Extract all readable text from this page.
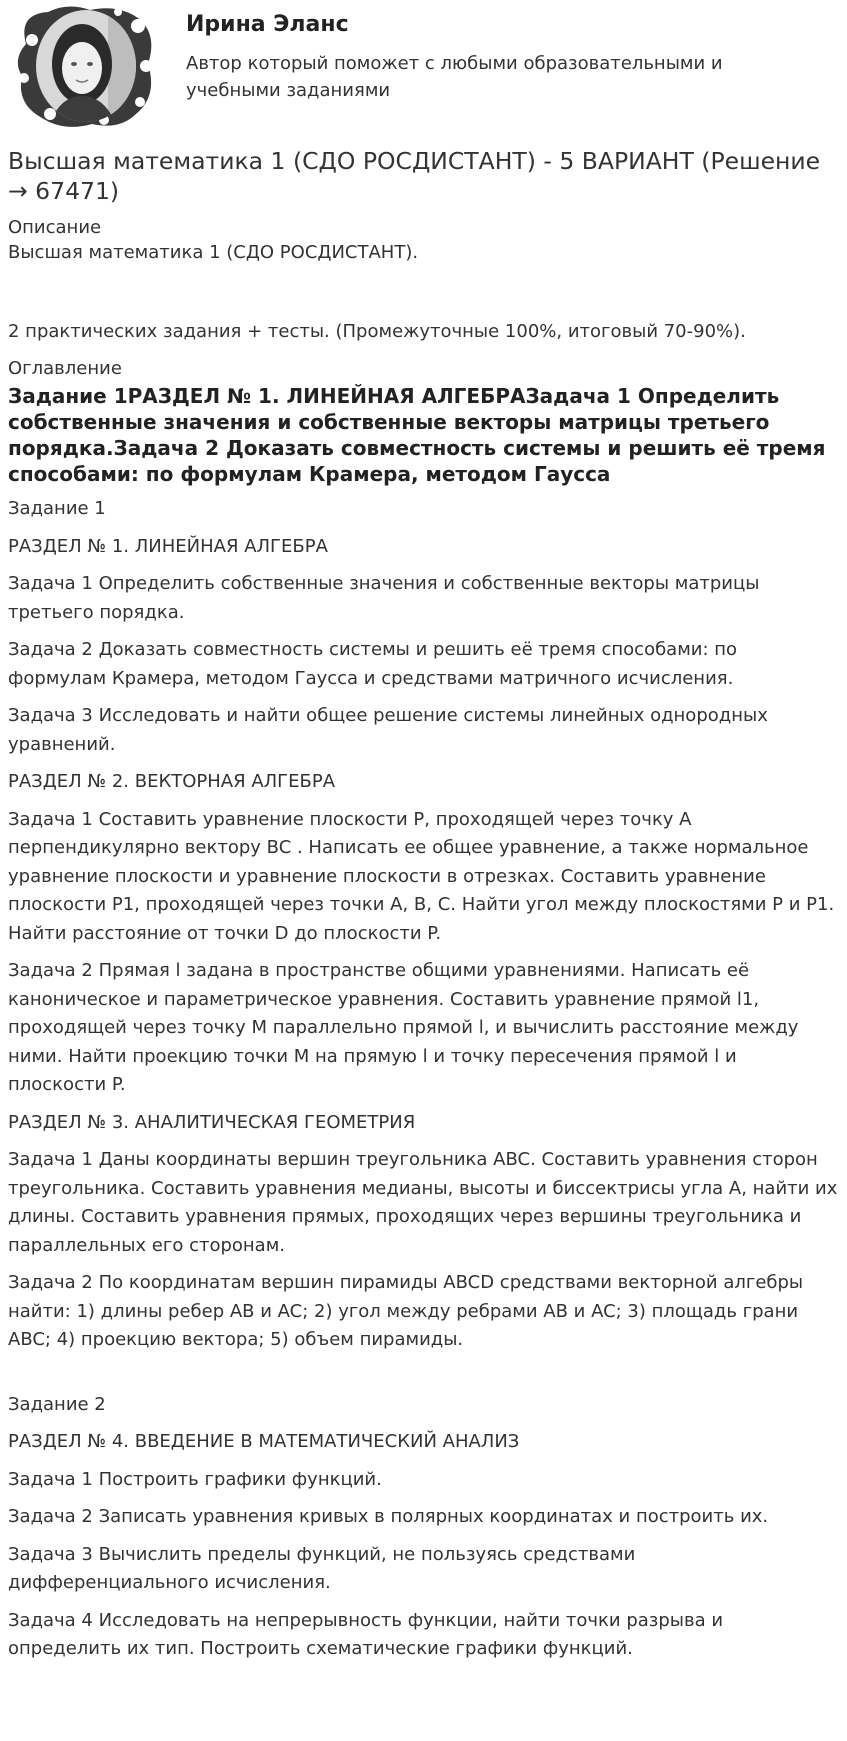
Ирина Эланс
Автор который поможет с любыми образовательными и учебными заданиями
Высшая математика 1 (СДО РОСДИСТАНТ) - 5 ВАРИАНТ (Решение → 67471)
Описание
Высшая математика 1 (СДО РОСДИСТАНТ).
2 практических задания + тесты. (Промежуточные 100%, итоговый 70-90%).
Оглавление
Задание 1РАЗДЕЛ № 1. ЛИНЕЙНАЯ АЛГЕБРАЗадача 1 Определить собственные значения и собственные векторы матрицы третьего порядка.Задача 2 Доказать совместность системы и решить её тремя способами: по формулам Крамера, методом Гаусса

Задание 1

РАЗДЕЛ № 1. ЛИНЕЙНАЯ АЛГЕБРА

Задача 1 Определить собственные значения и собственные векторы матрицы третьего порядка.

Задача 2 Доказать совместность системы и решить её тремя способами: по формулам Крамера, методом Гаусса и средствами матричного исчисления.

Задача 3 Исследовать и найти общее решение системы линейных однородных уравнений.

РАЗДЕЛ № 2. ВЕКТОРНАЯ АЛГЕБРА

Задача 1 Составить уравнение плоскости P, проходящей через точку A перпендикулярно вектору BC . Написать ее общее уравнение, а также нормальное уравнение плоскости и уравнение плоскости в отрезках. Составить уравнение плоскости P1, проходящей через точки A, B, C. Найти угол между плоскостями P и P1. Найти расстояние от точки D до плоскости P.

Задача 2 Прямая l задана в пространстве общими уравнениями. Написать её каноническое и параметрическое уравнения. Составить уравнение прямой l1, проходящей через точку M параллельно прямой l, и вычислить расстояние между ними. Найти проекцию точки M на прямую l и точку пересечения прямой l и плоскости P.

РАЗДЕЛ № 3. АНАЛИТИЧЕСКАЯ ГЕОМЕТРИЯ

Задача 1 Даны координаты вершин треугольника ABC. Составить уравнения сторон треугольника. Составить уравнения медианы, высоты и биссектрисы угла A, найти их длины. Составить уравнения прямых, проходящих через вершины треугольника и параллельных его сторонам.

Задача 2 По координатам вершин пирамиды ABCD средствами векторной алгебры найти: 1) длины ребер AB и AC; 2) угол между ребрами AB и AC; 3) площадь грани ABC; 4) проекцию вектора; 5) объем пирамиды.

Задание 2

РАЗДЕЛ № 4. ВВЕДЕНИЕ В МАТЕМАТИЧЕСКИЙ АНАЛИЗ

Задача 1 Построить графики функций.

Задача 2 Записать уравнения кривых в полярных координатах и построить их.

Задача 3 Вычислить пределы функций, не пользуясь средствами дифференциального исчисления.

Задача 4 Исследовать на непрерывность функции, найти точки разрыва и определить их тип. Построить схематические графики функций.
